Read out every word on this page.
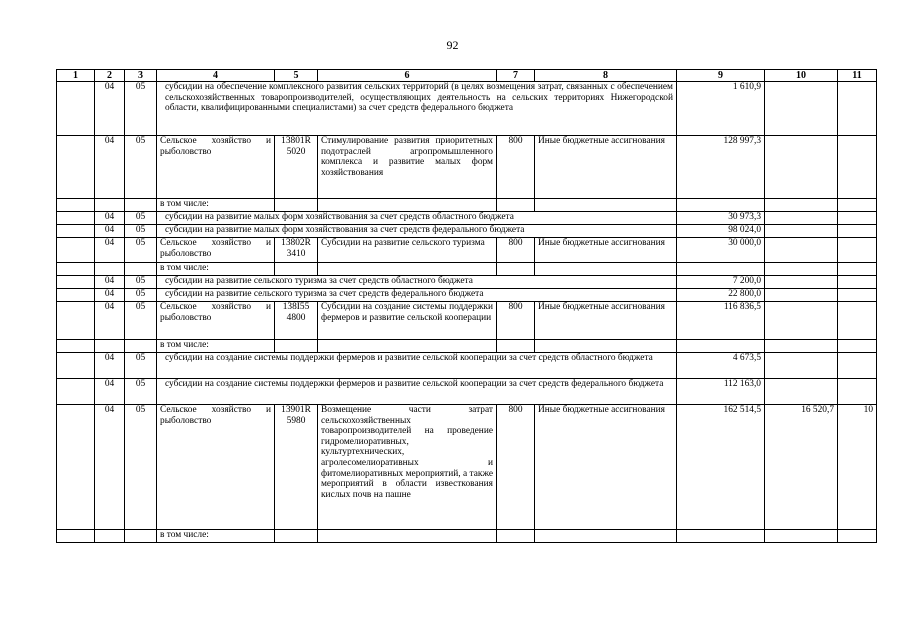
92
1	2	3	4	5	6	7	8	9	10	11
	04	05	субсидии на обеспечение комплексного развития сельских территорий (в целях возмещения затрат, связанных с обеспечением сельскохозяйственных товаропроизводителей, осуществляющих деятельность на сельских территориях Нижегородской области, квалифицированными специалистами) за счет средств федерального бюджета					1 610,9		
	04	05	Сельское хозяйство и рыболовство	13801R 5020	Стимулирование развития приоритетных подотраслей агропромышленного комплекса и развитие малых форм хозяйствования	800	Иные бюджетные ассигнования	128 997,3		
			в том числе:							
	04	05	субсидии на развитие малых форм хозяйствования за счет средств областного бюджета					30 973,3		
	04	05	субсидии на развитие малых форм хозяйствования за счет средств федерального бюджета					98 024,0		
	04	05	Сельское хозяйство и рыболовство	13802R 3410	Субсидии на развитие сельского туризма	800	Иные бюджетные ассигнования	30 000,0		
			в том числе:							
	04	05	субсидии на развитие сельского туризма за счет средств областного бюджета					7 200,0		
	04	05	субсидии на развитие сельского туризма за счет средств федерального бюджета					22 800,0		
	04	05	Сельское хозяйство и рыболовство	138I55 4800	Субсидии на создание системы поддержки фермеров и развитие сельской кооперации	800	Иные бюджетные ассигнования	116 836,5		
			в том числе:							
	04	05	субсидии на создание системы поддержки фермеров и развитие сельской кооперации за счет средств областного бюджета					4 673,5		
	04	05	субсидии на создание системы поддержки фермеров и развитие сельской кооперации за счет средств федерального бюджета					112 163,0		
	04	05	Сельское хозяйство и рыболовство	13901R 5980	Возмещение части затрат сельскохозяйственных товаропроизводителей на проведение гидромелиоративных, культуртехнических, агролесомелиоративных и фитомелиоративных мероприятий, а также мероприятий в области известкования кислых почв на пашне	800	Иные бюджетные ассигнования	162 514,5	16 520,7	10
			в том числе:							
